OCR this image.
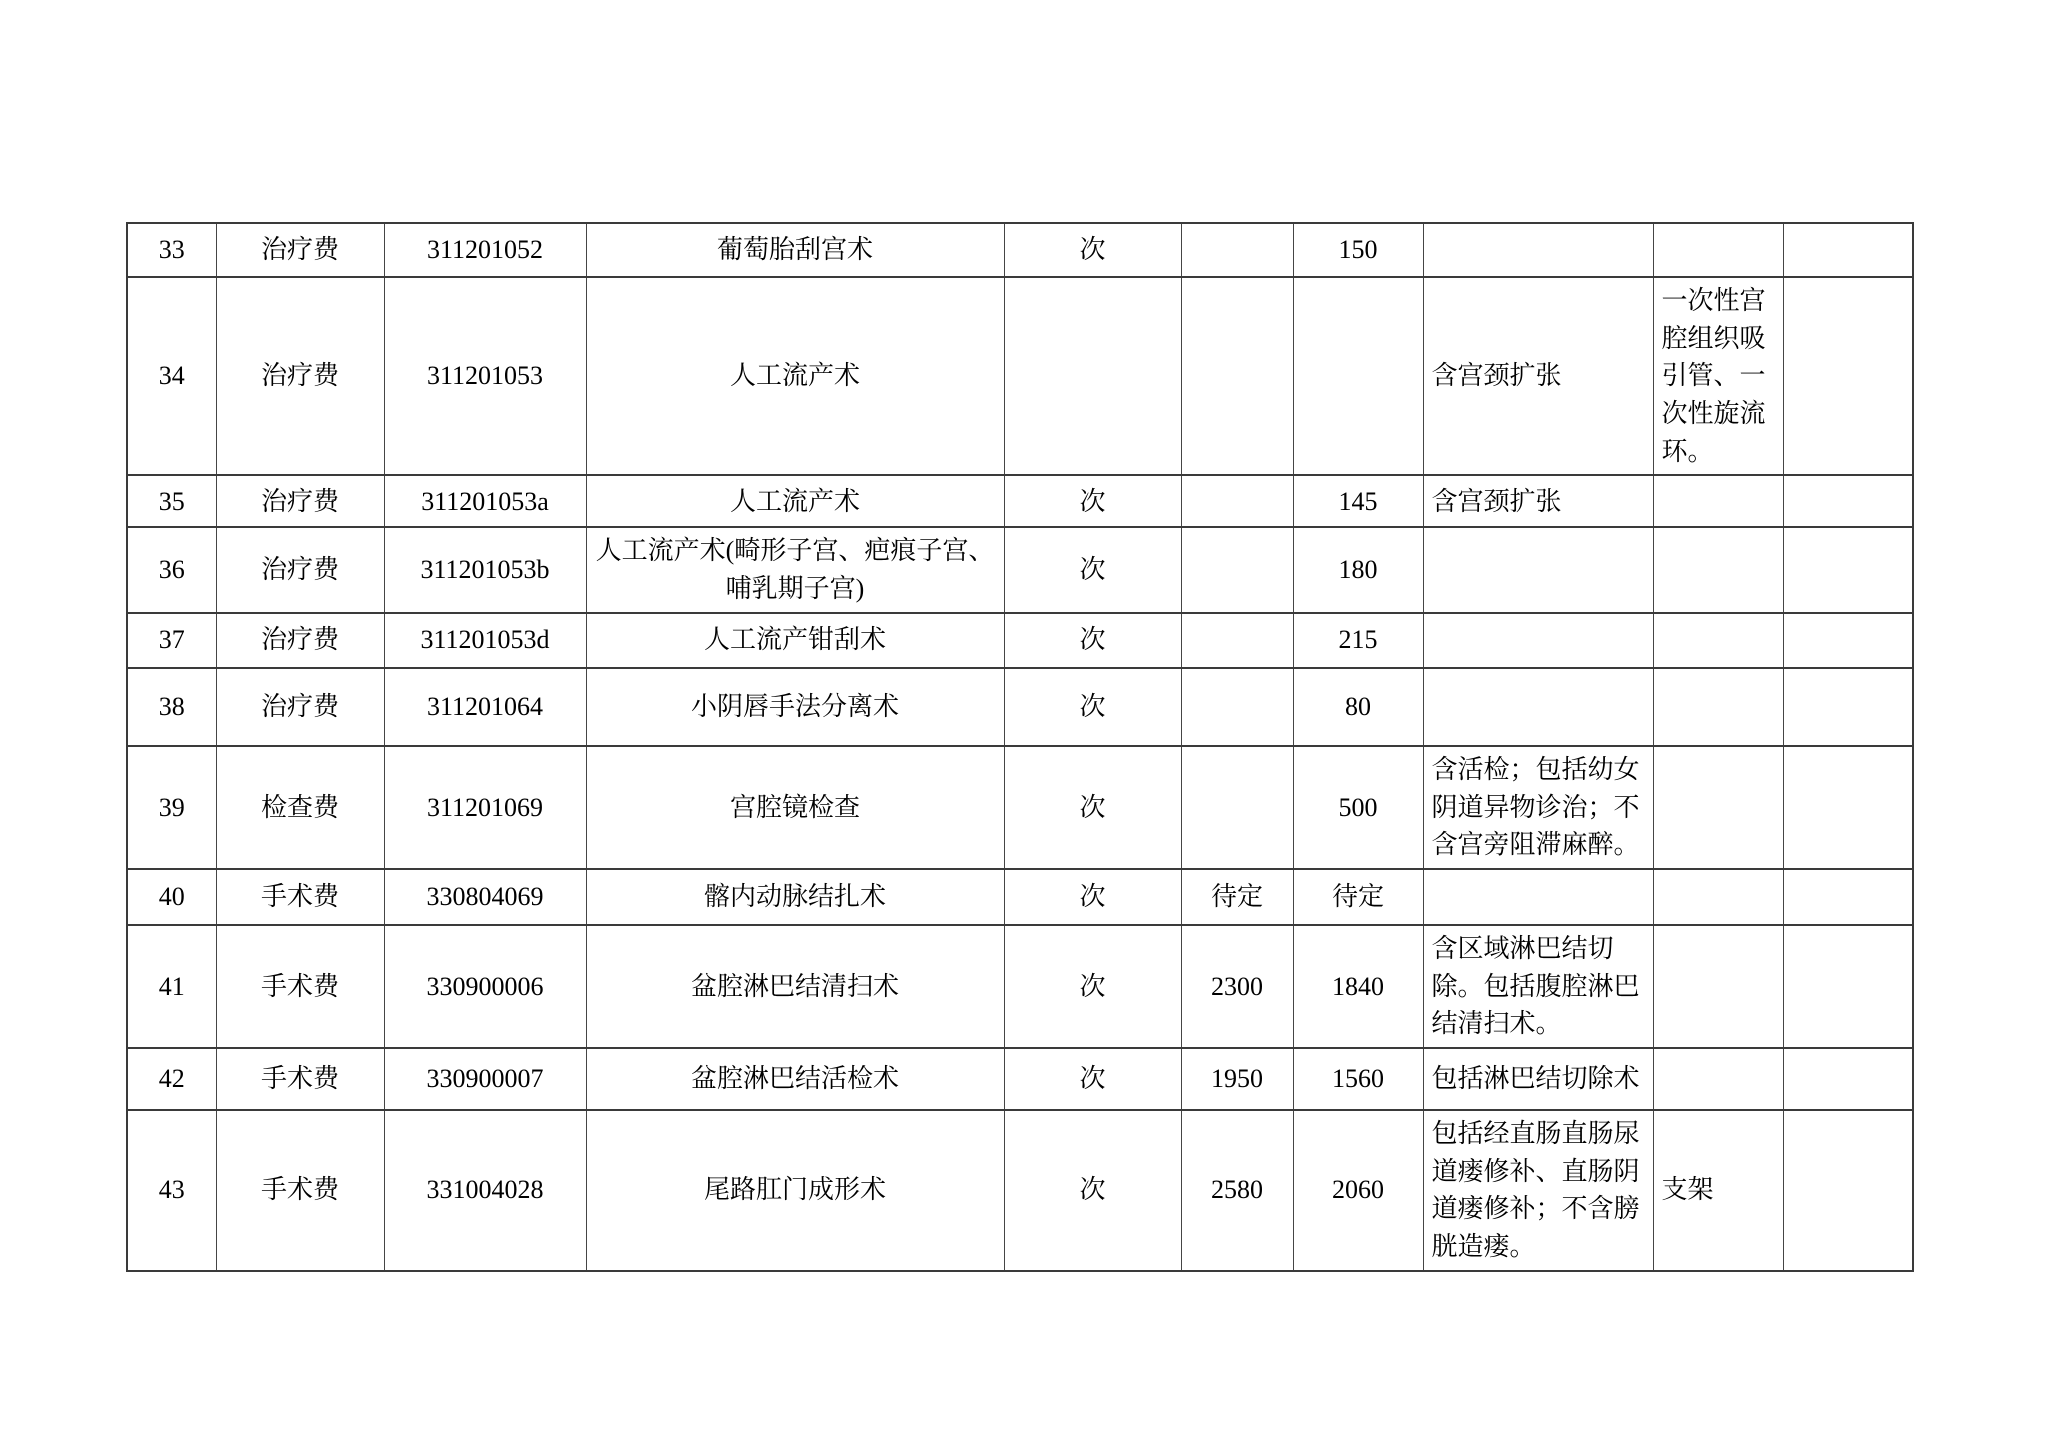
33	治疗费	311201052	葡萄胎刮宫术	次		150			
34	治疗费	311201053	人工流产术				含宫颈扩张	一次性宫腔组织吸引管、一次性旋流环。	
35	治疗费	311201053a	人工流产术	次		145	含宫颈扩张		
36	治疗费	311201053b	人工流产术(畸形子宫、疤痕子宫、哺乳期子宫)	次		180			
37	治疗费	311201053d	人工流产钳刮术	次		215			
38	治疗费	311201064	小阴唇手法分离术	次		80			
39	检查费	311201069	宫腔镜检查	次		500	含活检；包括幼女阴道异物诊治；不含宫旁阻滞麻醉。		
40	手术费	330804069	髂内动脉结扎术	次	待定	待定			
41	手术费	330900006	盆腔淋巴结清扫术	次	2300	1840	含区域淋巴结切除。包括腹腔淋巴结清扫术。		
42	手术费	330900007	盆腔淋巴结活检术	次	1950	1560	包括淋巴结切除术		
43	手术费	331004028	尾路肛门成形术	次	2580	2060	包括经直肠直肠尿道瘘修补、直肠阴道瘘修补；不含膀胱造瘘。	支架	
